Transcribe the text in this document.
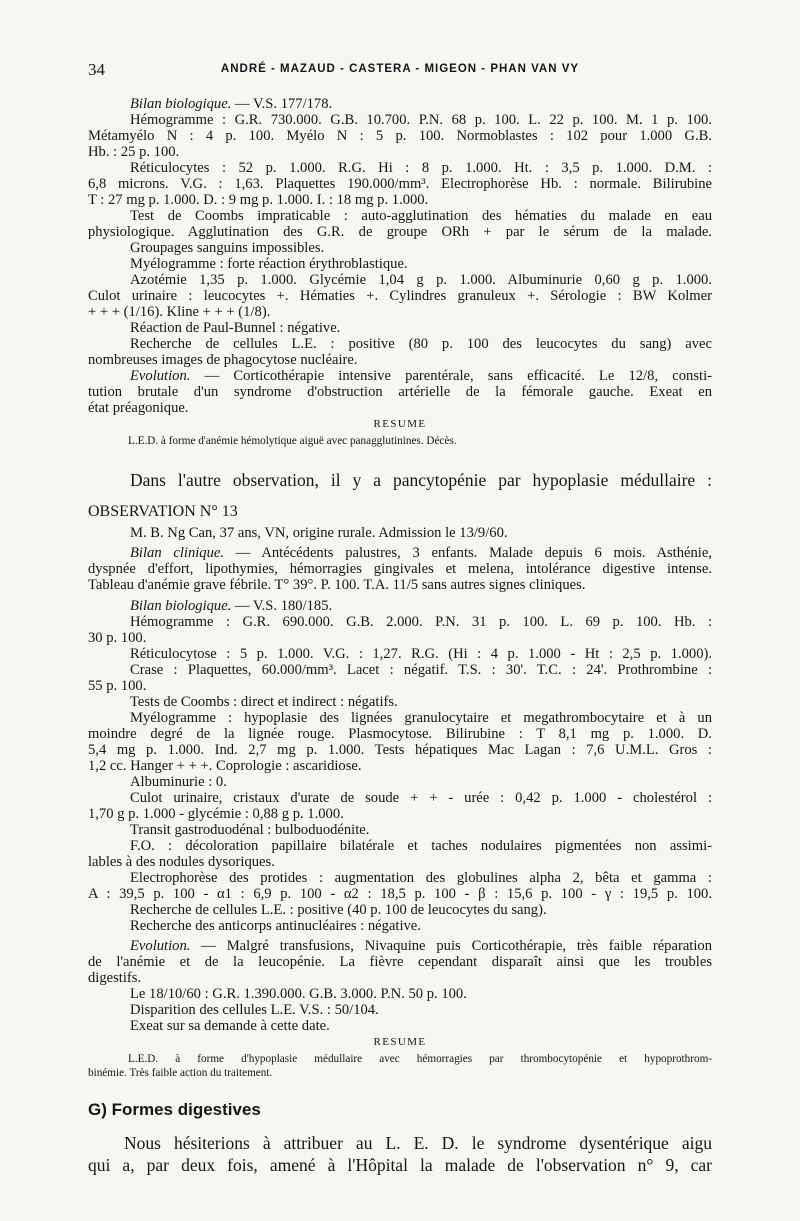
34	ANDRÉ - MAZAUD - CASTERA - MIGEON - PHAN VAN VY
Bilan biologique. — V.S. 177/178.
Hémogramme : G.R. 730.000. G.B. 10.700. P.N. 68 p. 100. L. 22 p. 100. M. 1 p. 100.
Métamyélo N : 4 p. 100. Myélo N : 5 p. 100. Normoblastes : 102 pour 1.000 G.B.
Hb. : 25 p. 100.
Réticulocytes : 52 p. 1.000. R.G. Hi : 8 p. 1.000. Ht. : 3,5 p. 1.000. D.M. :
6,8 microns. V.G. : 1,63. Plaquettes 190.000/mm³. Electrophorèse Hb. : normale. Bilirubine
T : 27 mg p. 1.000. D. : 9 mg p. 1.000. I. : 18 mg p. 1.000.
Test de Coombs impraticable : auto-agglutination des hématies du malade en eau
physiologique. Agglutination des G.R. de groupe ORh + par le sérum de la malade.
Groupages sanguins impossibles.
Myélogramme : forte réaction érythroblastique.
Azotémie 1,35 p. 1.000. Glycémie 1,04 g p. 1.000. Albuminurie 0,60 g p. 1.000.
Culot urinaire : leucocytes +. Hématies +. Cylindres granuleux +. Sérologie : BW Kolmer
+ + + (1/16). Kline + + + (1/8).
Réaction de Paul-Bunnel : négative.
Recherche de cellules L.E. : positive (80 p. 100 des leucocytes du sang) avec
nombreuses images de phagocytose nucléaire.
Evolution. — Corticothérapie intensive parentérale, sans efficacité. Le 12/8, consti-
tution brutale d'un syndrome d'obstruction artérielle de la fémorale gauche. Exeat en
état préagonique.
RESUME
L.E.D. à forme d'anémie hémolytique aiguë avec panagglutinines. Décès.
Dans l'autre observation, il y a pancytopénie par hypoplasie médullaire :
OBSERVATION N° 13
M. B. Ng Can, 37 ans, VN, origine rurale. Admission le 13/9/60.
Bilan clinique. — Antécédents palustres, 3 enfants. Malade depuis 6 mois. Asthénie,
dyspnée d'effort, lipothymies, hémorragies gingivales et melena, intolérance digestive intense.
Tableau d'anémie grave fébrile. T° 39°. P. 100. T.A. 11/5 sans autres signes cliniques.
Bilan biologique. — V.S. 180/185.
Hémogramme : G.R. 690.000. G.B. 2.000. P.N. 31 p. 100. L. 69 p. 100. Hb. :
30 p. 100.
Réticulocytose : 5 p. 1.000. V.G. : 1,27. R.G. (Hi : 4 p. 1.000 - Ht : 2,5 p. 1.000).
Crase : Plaquettes, 60.000/mm³. Lacet : négatif. T.S. : 30'. T.C. : 24'. Prothrombine :
55 p. 100.
Tests de Coombs : direct et indirect : négatifs.
Myélogramme : hypoplasie des lignées granulocytaire et megathrombocytaire et à un
moindre degré de la lignée rouge. Plasmocytose. Bilirubine : T 8,1 mg p. 1.000. D.
5,4 mg p. 1.000. Ind. 2,7 mg p. 1.000. Tests hépatiques Mac Lagan : 7,6 U.M.L. Gros :
1,2 cc. Hanger + + +. Coprologie : ascaridiose.
Albuminurie : 0.
Culot urinaire, cristaux d'urate de soude + + - urée : 0,42 p. 1.000 - cholestérol :
1,70 g p. 1.000 - glycémie : 0,88 g p. 1.000.
Transit gastroduodénal : bulboduodénite.
F.O. : décoloration papillaire bilatérale et taches nodulaires pigmentées non assimi-
lables à des nodules dysoriques.
Electrophorèse des protides : augmentation des globulines alpha 2, bêta et gamma :
A : 39,5 p. 100 - α1 : 6,9 p. 100 - α2 : 18,5 p. 100 - β : 15,6 p. 100 - γ : 19,5 p. 100.
Recherche de cellules L.E. : positive (40 p. 100 de leucocytes du sang).
Recherche des anticorps antinucléaires : négative.
Evolution. — Malgré transfusions, Nivaquine puis Corticothérapie, très faible réparation
de l'anémie et de la leucopénie. La fièvre cependant disparaît ainsi que les troubles
digestifs.
Le 18/10/60 : G.R. 1.390.000. G.B. 3.000. P.N. 50 p. 100.
Disparition des cellules L.E. V.S. : 50/104.
Exeat sur sa demande à cette date.
RESUME
L.E.D. à forme d'hypoplasie médullaire avec hémorragies par thrombocytopénie et hypoprothrom-
binémie. Très faible action du traitement.
G) Formes digestives
Nous hésiterions à attribuer au L. E. D. le syndrome dysentérique aigu
qui a, par deux fois, amené à l'Hôpital la malade de l'observation n° 9, car
